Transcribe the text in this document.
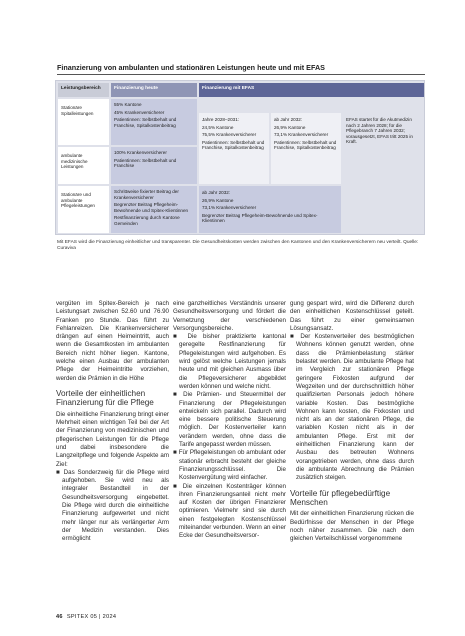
Finanzierung von ambulanten und stationären Leistungen heute und mit EFAS
Leistungsbereich	Finanzierung heute	Finanzierung mit EFAS
Stationäre Spitalleistungen
ambulante medizinische Leistungen
Stationäre und ambulante Pflegeleistungen

55% Kantone

45% Krankenversicherer

Patientinnen: Selbstbehalt und Franchise, Spitalkostenbeitrag

100% Krankenversicherer

Patientinnen: Selbstbehalt und Franchise

Schrittweise fixierter Beitrag der Krankenversicherer

Begrenzter Beitrag Pflegeheim-Bewohnende und Spitex-Klientinnen

Restfinanzierung durch Kantone Gemeinden

Jahre 2028–2031:

24,5% Kantone

75,5% Krankenversicherer

Patientinnen: Selbstbehalt und Franchise, Spitalkostenbeitrag

ab Jahr 2032:

26,9% Kantone

73,1% Krankenversicherer

Patientinnen: Selbstbehalt und Franchise, Spitalkostenbeitrag

EFAS startet für die Akutmedizin nach 2 Jahren 2028; für die Pflegebranch 7 Jahren 2032; vorausgesetzt, EFAS tritt 2025 in Kraft.

ab Jahr 2032:

26,9% Kantone

73,1% Krankenversicherer

Begrenzter Beitrag Pflegeheim-Bewohnende und Spitex-Klientinnen

Mit EFAS wird die Finanzierung einheitlicher und transparenter. Die Gesundheitskosten werden zwischen den Kantonen und den Krankenversicherern neu verteilt. Quelle: Curaviva

vergüten im Spitex-Bereich je nach Leistungsart zwischen 52.60 und 76.90 Franken pro Stunde. Das führt zu Fehlanreizen. Die Krankenversicherer drängen auf einen Heimeintritt, auch wenn die Gesamtkosten im ambulanten Bereich nicht höher liegen. Kantone, welche einen Ausbau der ambulanten Pflege der Heimeintritte vorziehen, werden die Prämien in die Höhe

Vorteile der einheitlichen Finanzierung für die Pflege

Die einheitliche Finanzierung bringt einer Mehrheit einen wichtigen Teil bei der Art der Finanzierung von medizinischen und pflegerischen Leistungen für die Pflege und dabei insbesondere die Langzeitpflege und folgende Aspekte am Ziel:

■ Das Sonderzweig für die Pflege wird aufgehoben. Sie wird neu als integraler Bestandteil in der Gesundheitsversorgung eingebettet. Die Pflege wird durch die einheitliche Finanzierung aufgewertet und nicht mehr länger nur als verlängerter Arm der Medizin verstanden. Dies ermöglicht

eine ganzheitliches Verständnis unserer Gesundheitsversorgung und fördert die Vernetzung der verschiedenen Versorgungsbereiche.

■ Die bisher praktizierte kantonal geregelte Restfinanzierung für Pflegeleistungen wird aufgehoben. Es wird gelöst welche Leistungen jemals heute und mit gleichen Ausmass über die Pflegeversicherer abgebildet werden können und welche nicht.

■ Die Prämien- und Steuermittel der Finanzierung der Pflegeleistungen entwickeln sich parallel. Dadurch wird eine bessere politische Steuerung möglich. Der Kostenverteiler kann verändern werden, ohne dass die Tarife angepasst werden müssen.

■ Für Pflegeleistungen ob ambulant oder stationär erbracht besteht der gleiche Finanzierungsschlüssel. Die Kostenvergütung wird einfacher.

■ Die einzelnen Kostenträger können ihren Finanzierungsanteil nicht mehr auf Kosten der übrigen Finanzierer optimieren. Vielmehr sind sie durch einen festgelegten Kostenschlüssel miteinander verbunden. Wenn an einer Ecke der Gesundheitsversor-

gung gespart wird, wird die Differenz durch den einheitlichen Kostenschlüssel geteilt. Das führt zu einer gemeinsamen Lösungsansatz.

■ Der Kostenverteiler des bestmöglichen Wohnens können genutzt werden, ohne dass die Prämienbelastung stärker belastet werden. Die ambulante Pflege hat im Vergleich zur stationären Pflege geringere Fixkosten aufgrund der Wegzeiten und der durchschnittlich höher qualifizierten Personals jedoch höhere variable Kosten. Das bestmögliche Wohnen kann kosten, die Fixkosten und nicht als an der stationären Pflege, die variablen Kosten nicht als in der ambulanten Pflege. Erst mit der einheitlichen Finanzierung kann der Ausbau des betreuten Wohnens vorangetrieben werden, ohne dass durch die ambulante Abrechnung die Prämien zusätzlich steigen.

Vorteile für pflegebedürftige Menschen

Mit der einheitlichen Finanzierung rücken die Bedürfnisse der Menschen in der Pflege noch näher zusammen. Die nach dem gleichen Verteilschlüssel vorgenommene

46 SPITEX 05 | 2024
